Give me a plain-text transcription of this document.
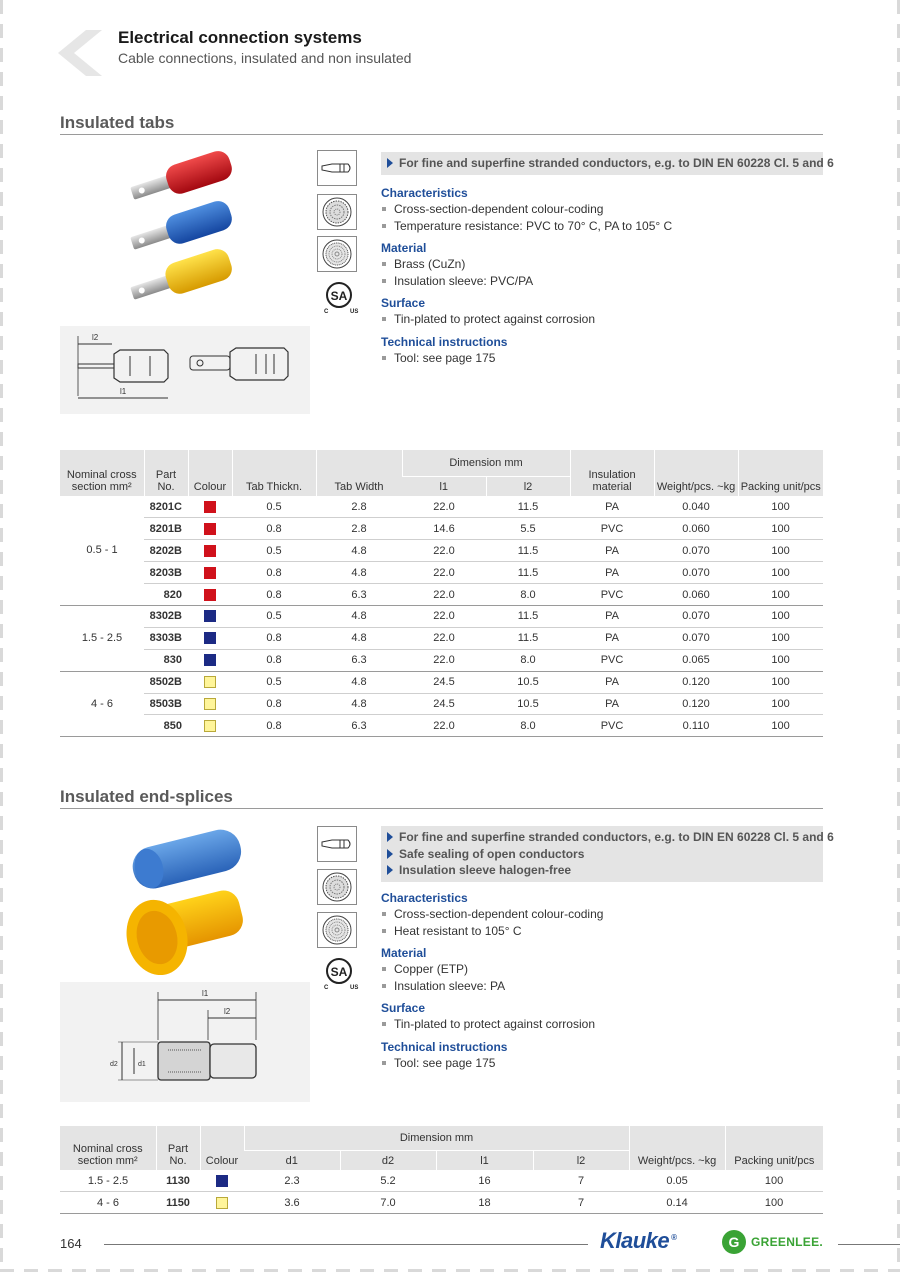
Electrical connection systems
Cable connections, insulated and non insulated
Insulated tabs
l2
l1
SA
C	US
For fine and superfine stranded conductors, e.g. to DIN EN 60228 Cl. 5 and 6
Characteristics
Cross-section-dependent colour-coding
Temperature resistance: PVC to 70° C, PA to 105° C
Material
Brass (CuZn)
Insulation sleeve: PVC/PA
Surface
Tin-plated to protect against corrosion
Technical instructions
Tool: see page 175
Nominal cross section mm²	Part No.	Colour	Tab Thickn.	Tab Width	Dimension mm		Insulation material	Weight/pcs. ~kg	Packing unit/pcs
					l1	l2			
0.5 - 1	8201C		0.5	2.8	22.0	11.5	PA	0.040	100
	8201B		0.8	2.8	14.6	5.5	PVC	0.060	100
	8202B		0.5	4.8	22.0	11.5	PA	0.070	100
	8203B		0.8	4.8	22.0	11.5	PA	0.070	100
	820		0.8	6.3	22.0	8.0	PVC	0.060	100
1.5 - 2.5	8302B		0.5	4.8	22.0	11.5	PA	0.070	100
	8303B		0.8	4.8	22.0	11.5	PA	0.070	100
	830		0.8	6.3	22.0	8.0	PVC	0.065	100
4 - 6	8502B		0.5	4.8	24.5	10.5	PA	0.120	100
	8503B		0.8	4.8	24.5	10.5	PA	0.120	100
	850		0.8	6.3	22.0	8.0	PVC	0.110	100
Insulated end-splices
l1
l2
d2	d1
SA
C	US
For fine and superfine stranded conductors, e.g. to DIN EN 60228 Cl. 5 and 6
Safe sealing of open conductors
Insulation sleeve halogen-free
Characteristics
Cross-section-dependent colour-coding
Heat resistant to 105° C
Material
Copper (ETP)
Insulation sleeve: PA
Surface
Tin-plated to protect against corrosion
Technical instructions
Tool: see page 175
Nominal cross section mm²	Part No.	Colour	Dimension mm				Weight/pcs. ~kg	Packing unit/pcs
			d1	d2	l1	l2		
1.5 - 2.5	1130		2.3	5.2	16	7	0.05	100
4 - 6	1150		3.6	7.0	18	7	0.14	100
164	Klauke ®	G GREENLEE.
